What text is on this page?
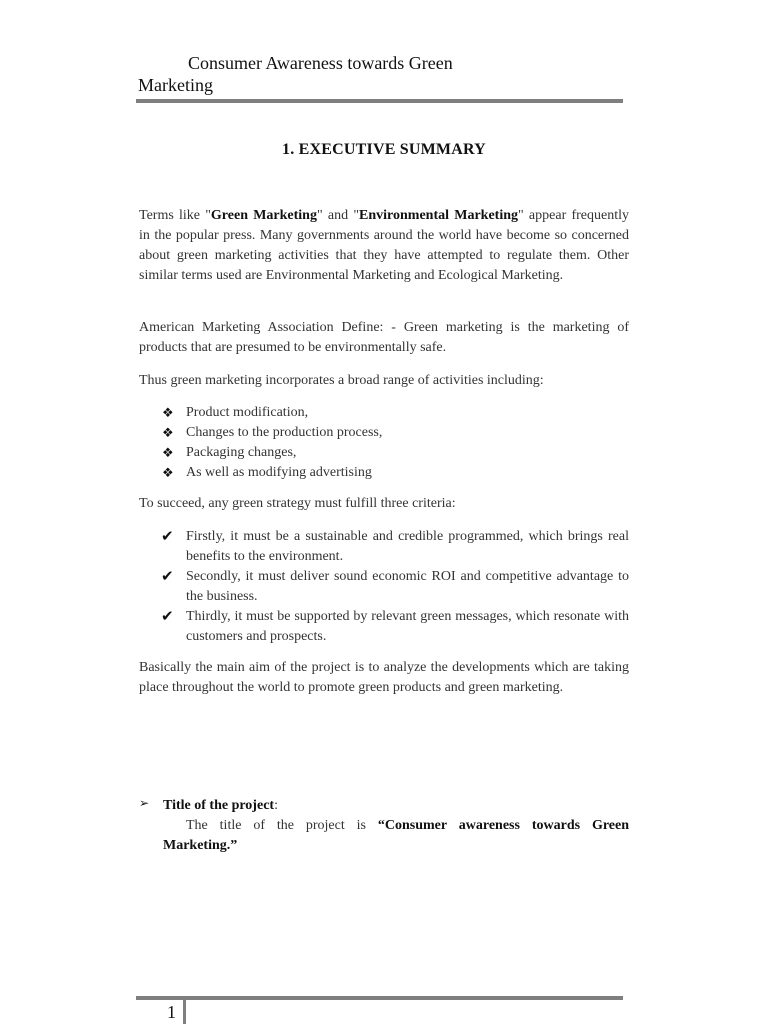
Consumer Awareness towards Green
Marketing
1. EXECUTIVE SUMMARY
Terms like "Green Marketing" and "Environmental Marketing" appear frequently in the popular press. Many governments around the world have become so concerned about green marketing activities that they have attempted to regulate them. Other similar terms used are Environmental Marketing and Ecological Marketing.
American Marketing Association Define: - Green marketing is the marketing of products that are presumed to be environmentally safe.
Thus green marketing incorporates a broad range of activities including:
❖ Product modification,
❖ Changes to the production process,
❖ Packaging changes,
❖ As well as modifying advertising
To succeed, any green strategy must fulfill three criteria:
✔ Firstly, it must be a sustainable and credible programmed, which brings real benefits to the environment.
✔ Secondly, it must deliver sound economic ROI and competitive advantage to the business.
✔ Thirdly, it must be supported by relevant green messages, which resonate with customers and prospects.
Basically the main aim of the project is to analyze the developments which are taking place throughout the world to promote green products and green marketing.
➢ Title of the project:
The title of the project is “Consumer awareness towards Green Marketing.”
1
